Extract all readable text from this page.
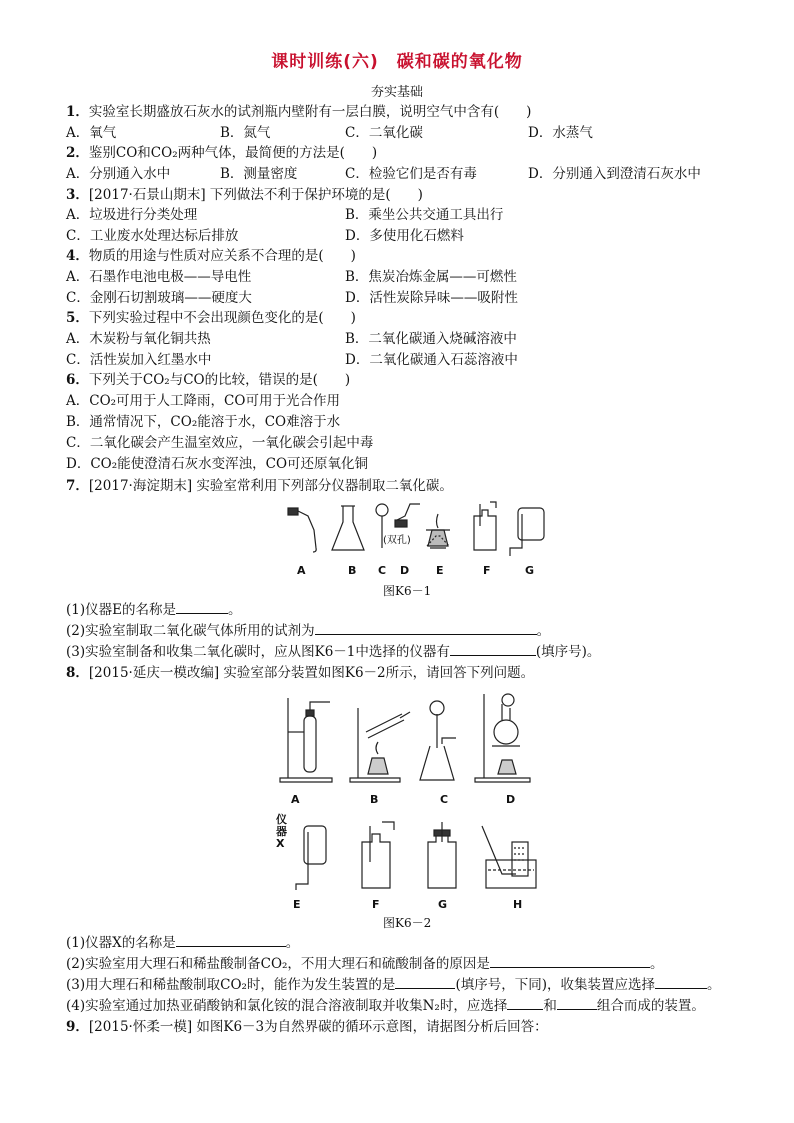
课时训练(六)　碳和碳的氧化物
夯实基础
1．实验室长期盛放石灰水的试剂瓶内壁附有一层白膜，说明空气中含有(　　)
A．氧气	B．氮气	C．二氧化碳	D．水蒸气
2．鉴别CO和CO₂两种气体，最简便的方法是(　　)
A．分别通入水中	B．测量密度	C．检验它们是否有毒	D．分别通入到澄清石灰水中
3．[2017·石景山期末] 下列做法不利于保护环境的是(　　)
A．垃圾进行分类处理	B．乘坐公共交通工具出行
C．工业废水处理达标后排放	D．多使用化石燃料
4．物质的用途与性质对应关系不合理的是(　　)
A．石墨作电池电极——导电性	B．焦炭冶炼金属——可燃性
C．金刚石切割玻璃——硬度大	D．活性炭除异味——吸附性
5．下列实验过程中不会出现颜色变化的是(　　)
A．木炭粉与氧化铜共热	B．二氧化碳通入烧碱溶液中
C．活性炭加入红墨水中	D．二氧化碳通入石蕊溶液中
6．下列关于CO₂与CO的比较，错误的是(　　)
A．CO₂可用于人工降雨，CO可用于光合作用
B．通常情况下，CO₂能溶于水，CO难溶于水
C．二氧化碳会产生温室效应，一氧化碳会引起中毒
D．CO₂能使澄清石灰水变浑浊，CO可还原氧化铜
7．[2017·海淀期末] 实验室常利用下列部分仪器制取二氧化碳。
A	B C D E	F	G
(双孔)
图K6－1
(1)仪器E的名称是	。
(2)实验室制取二氧化碳气体所用的试剂为	。
(3)实验室制备和收集二氧化碳时，应从图K6－1中选择的仪器有	(填序号)。
8．[2015·延庆一模改编] 实验室部分装置如图K6－2所示，请回答下列问题。
A	B	C	D
仪器X
E	F	G	H
图K6－2
(1)仪器X的名称是	。
(2)实验室用大理石和稀盐酸制备CO₂，不用大理石和硫酸制备的原因是	。
(3)用大理石和稀盐酸制取CO₂时，能作为发生装置的是	(填序号，下同)，收集装置应选择	。
(4)实验室通过加热亚硝酸钠和氯化铵的混合溶液制取并收集N₂时，应选择	和	组合而成的装置。
9．[2015·怀柔一模] 如图K6－3为自然界碳的循环示意图，请据图分析后回答：
